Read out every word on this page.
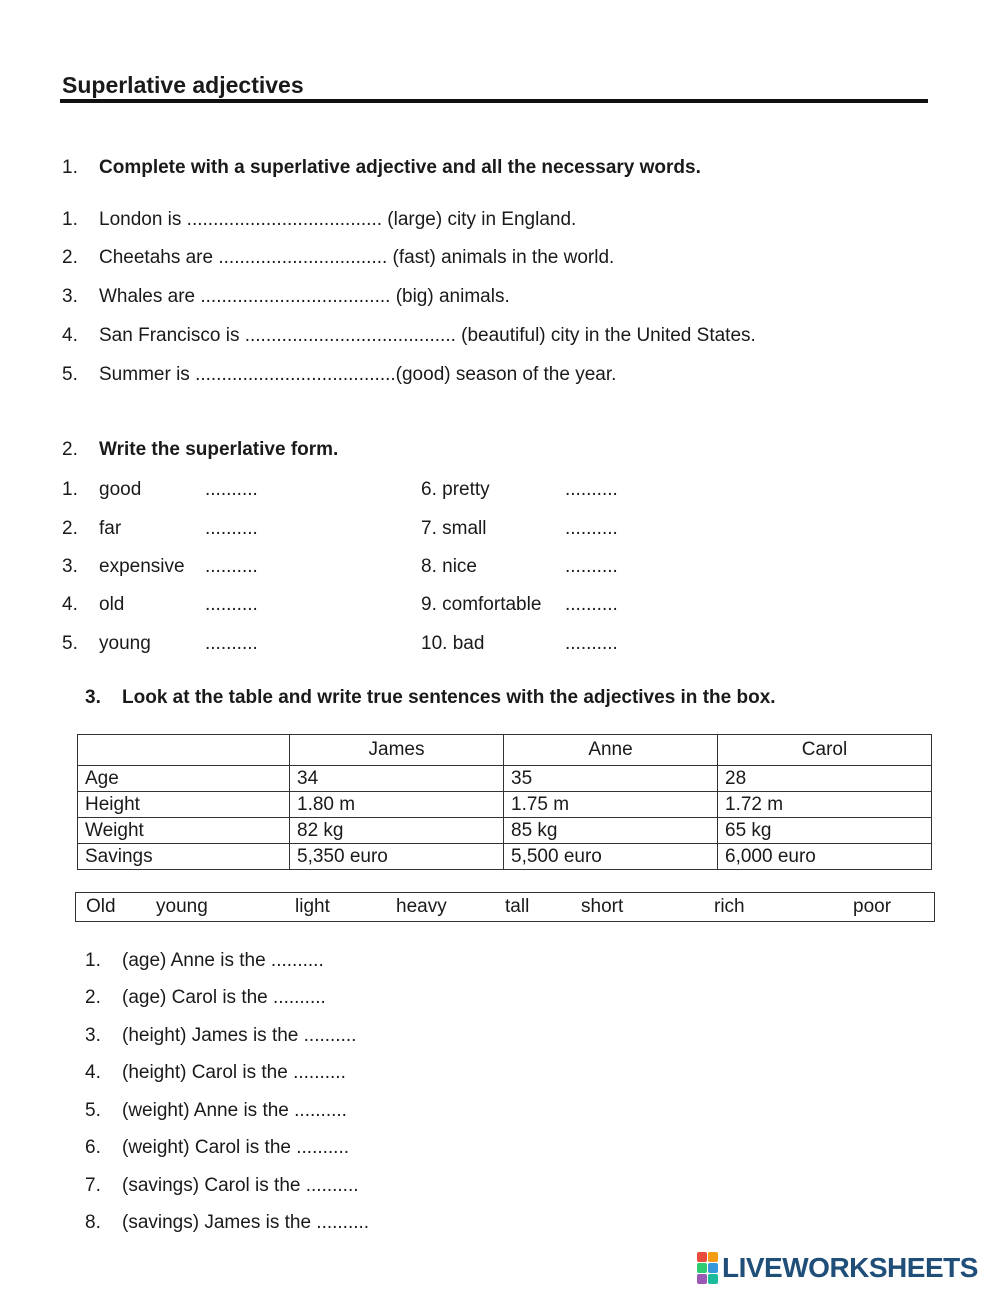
Superlative adjectives
1. Complete with a superlative adjective and all the necessary words.
1. London is ..................................... (large) city in England.
2. Cheetahs are ................................ (fast) animals in the world.
3. Whales are .................................... (big) animals.
4. San Francisco is ........................................ (beautiful) city in the United States.
5. Summer is ......................................(good) season of the year.
2. Write the superlative form.
1. good	..........
2. far	..........
3. expensive ..........
4. old	..........
5. young	..........
6. pretty	..........
7. small	..........
8. nice	..........
9. comfortable ..........
10. bad	..........
3. Look at the table and write true sentences with the adjectives in the box.
	James	Anne	Carol
Age	34	35	28
Height	1.80 m	1.75 m	1.72 m
Weight	82 kg	85 kg	65 kg
Savings	5,350 euro	5,500 euro	6,000 euro
Old young	light	heavy	tall	short	rich	poor
1. (age) Anne is the ..........
2. (age) Carol is the ..........
3. (height) James is the ..........
4. (height) Carol is the ..........
5. (weight) Anne is the ..........
6. (weight) Carol is the ..........
7. (savings) Carol is the ..........
8. (savings) James is the ..........
LIVEWORKSHEETS
